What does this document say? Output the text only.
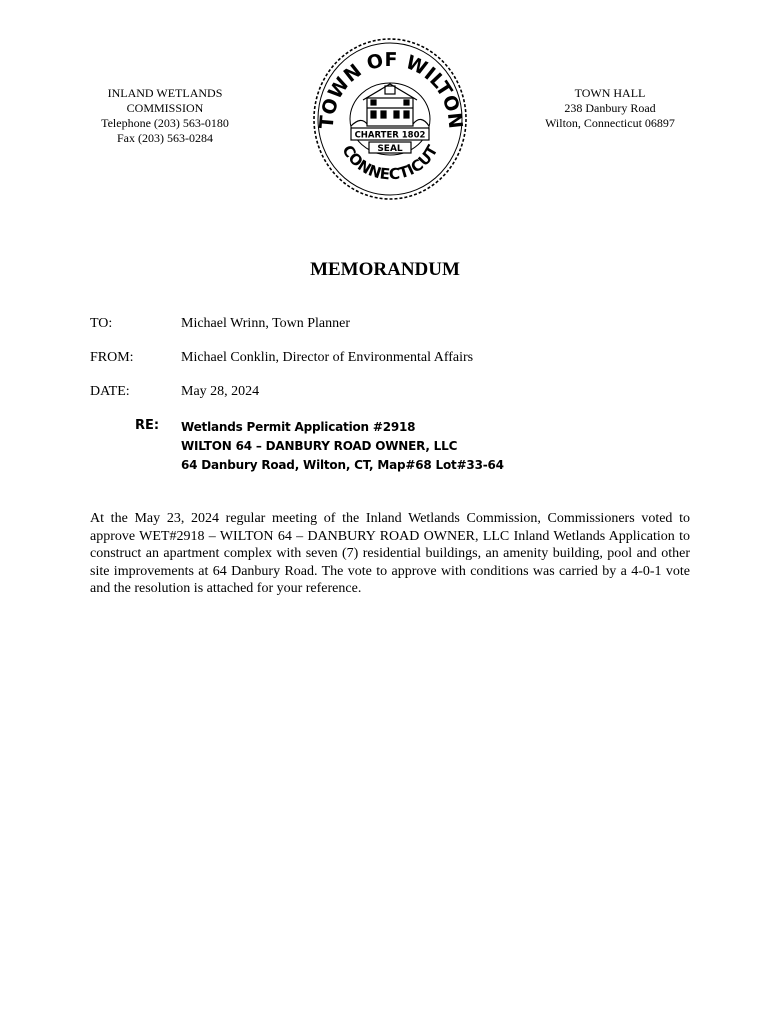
INLAND WETLANDS
COMMISSION
Telephone (203) 563-0180
Fax (203) 563-0284
TOWN OF WILTON
CONNECTICUT
CHARTER 1802
SEAL
TOWN HALL
238 Danbury Road
Wilton, Connecticut 06897
MEMORANDUM
TO:	Michael Wrinn, Town Planner
FROM:	Michael Conklin, Director of Environmental Affairs
DATE:	May 28, 2024
RE: Wetlands Permit Application #2918
WILTON 64 – DANBURY ROAD OWNER, LLC
64 Danbury Road, Wilton, CT, Map#68 Lot#33-64
At the May 23, 2024 regular meeting of the Inland Wetlands Commission, Commissioners voted to approve WET#2918 – WILTON 64 – DANBURY ROAD OWNER, LLC Inland Wetlands Application to construct an apartment complex with seven (7) residential buildings, an amenity building, pool and other site improvements at 64 Danbury Road. The vote to approve with conditions was carried by a 4-0-1 vote and the resolution is attached for your reference.
